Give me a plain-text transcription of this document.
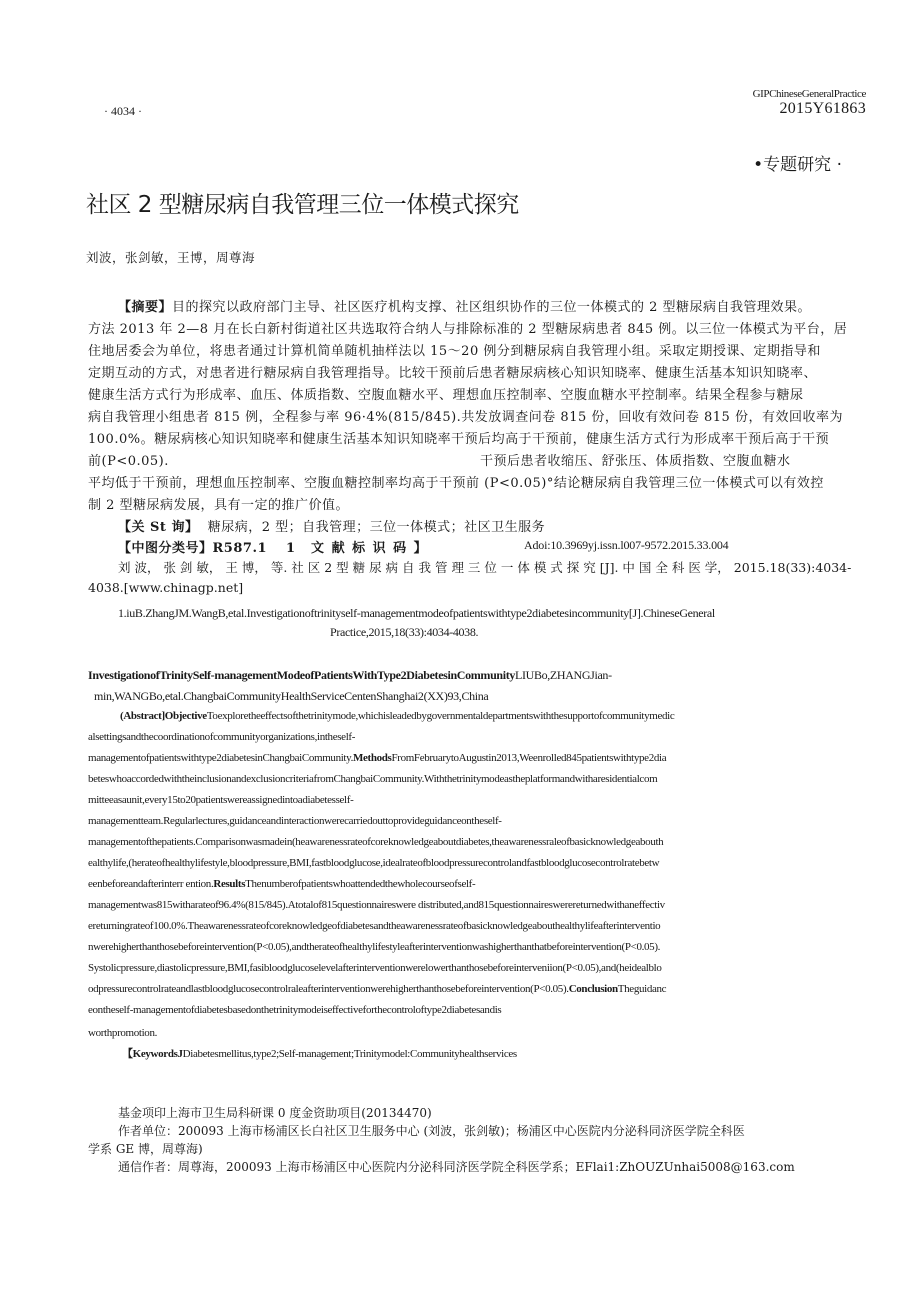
· 4034 ·
GIPChineseGeneralPractice
2015Y61863
•专题研究 ·
社区 2 型糖尿病自我管理三位一体模式探究
刘波，张剑敏，王博，周尊海
【摘要】目的探究以政府部门主导、社区医疗机构支撑、社区组织协作的三位一体模式的 2 型糖尿病自我管理效果。
方法 2013 年 2—8 月在长白新村街道社区共选取符合纳人与排除标准的 2 型糖尿病患者 845 例。以三位一体模式为平台，居
住地居委会为单位，将患者通过计算机简单随机抽样法以 15～20 例分到糖尿病自我管理小组。采取定期授课、定期指导和
定期互动的方式，对患者进行糖尿病自我管理指导。比较干预前后患者糖尿病核心知识知晓率、健康生活基本知识知晓率、
健康生活方式行为形成率、血压、体质指数、空腹血糖水平、理想血压控制率、空腹血糖水平控制率。结果全程参与糖尿
病自我管理小组患者 815 例，全程参与率 96·4%(815/845).共发放调查问卷 815 份，回收有效问卷 815 份，有效回收率为
100.0%。糖尿病核心知识知晓率和健康生活基本知识知晓率干预后均高于干预前，健康生活方式行为形成率干预后高于干预
前(P<0.05).	干预后患者收缩压、舒张压、体质指数、空腹血糖水
平均低于干预前，理想血压控制率、空腹血糖控制率均高于干预前 (P<0.05)°结论糖尿病自我管理三位一体模式可以有效控
制 2 型糖尿病发展，具有一定的推广价值。
【关 St 询】 糖尿病，2 型；自我管理；三位一体模式；社区卫生服务
【中图分类号】R587.1 1　文 献 标 识 码 】	Adoi:10.3969yj.issn.l007-9572.2015.33.004
刘 波， 张 剑 敏， 王 博， 等. 社 区 2 型 糖 尿 病 自 我 管 理 三 位 一 体 模 式 探 究 [J]. 中 国 全 科 医 学， 2015.18(33):4034-
4038.[www.chinagp.net]
1.iuB.ZhangJM.WangB,etal.Investigationoftrinityself-managementmodeofpatientswithtype2diabetesincommunity[J].ChineseGeneral
Practice,2015,18(33):4034-4038.
InvestigationofTrinitySelf-managementModeofPatientsWithType2DiabetesinCommunityLIUBo,ZHANGJian-
min,WANGBo,etal.ChangbaiCommunityHealthServiceCentenShanghai2(XX)93,China
(Abstract]ObjectiveToexploretheeffectsofthetrinitymode,whichisleadedbygovernmentaldepartmentswiththesupportofcommunitymedic
alsettingsandthecoordinationofcommunityorganizations,intheself-
managementofpatientswithtype2diabetesinChangbaiCommunity.MethodsFromFebruarytoAugustin2013,Weenrolled845patientswithtype2dia
beteswhoaccordedwiththeinclusionandexclusioncriteriafromChangbaiCommunity.Withthetrinitymodeastheplatformandwitharesidentialcom
mitteeasaunit,every15to20patientswereassignedintoadiabetesself-
managementteam.Regularlectures,guidanceandinteractionwerecarriedouttoprovideguidanceontheself-
managementofthepatients.Comparisonwasmadein(heawarenessrateofcoreknowledgeaboutdiabetes,theawarenessraleofbasicknowledgeabouth
ealthylife,(herateofhealthylifestyle,bloodpressure,BMI,fastbloodglucose,idealrateofbloodpressurecontrolandfastbloodglucosecontrolratebetw
eenbeforeandafterinterr ention.ResultsThenumberofpatientswhoattendedthewholecourseofself-
managementwas815witharateof96.4%(815/845).Atotalof815questionnaireswere distributed,and815questionnaireswerereturnedwithaneffectiv
ereturningrateof100.0%.Theawarenessrateofcoreknowledgeofdiabetesandtheawarenessrateofbasicknowledgeabouthealthylifeafterinterventio
nwerehigherthanthosebeforeintervention(P<0.05),andtherateofhealthylifestyleafterinterventionwashigherthanthatbeforeintervention(P<0.05).
Systolicpressure,diastolicpressure,BMI,fasibloodglucoselevelafterinterventionwerelowerthanthosebeforeinterveniion(P<0.05),and(heidealblo
odpressurecontrolrateandlastbloodglucosecontrolraleafterinterventionwerehigherthanthosebeforeintervention(P<0.05).ConclusionTheguidanc
eontheself-managementofdiabetesbasedonthetrinitymodeiseffectiveforthecontroloftype2diabetesandis
worthpromotion.
【KeywordsJDiabetesmellitus,type2;Self-management;Trinitymodel:Communityhealthservices
基金项印上海市卫生局科研课 0 度金资助项目(20134470)
作者单位：200093 上海市杨浦区长白社区卫生服务中心 (刘波，张剑敏)；杨浦区中心医院内分泌科同济医学院全科医
学系 GE 博，周尊海)
通信作者：周尊海，200093 上海市杨浦区中心医院内分泌科同济医学院全科医学系；EFlai1:ZhOUZUnhai5008@163.com
